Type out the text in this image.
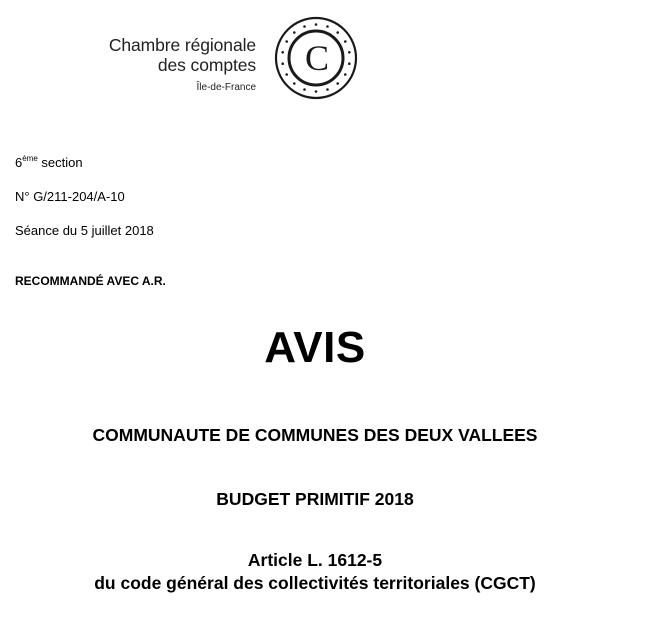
Chambre régionale
des comptes
Île-de-France
C
6ème section
N° G/211-204/A-10
Séance du 5 juillet 2018
RECOMMANDÉ AVEC A.R.
AVIS
COMMUNAUTE DE COMMUNES DES DEUX VALLEES
BUDGET PRIMITIF 2018
Article L. 1612-5
du code général des collectivités territoriales (CGCT)
